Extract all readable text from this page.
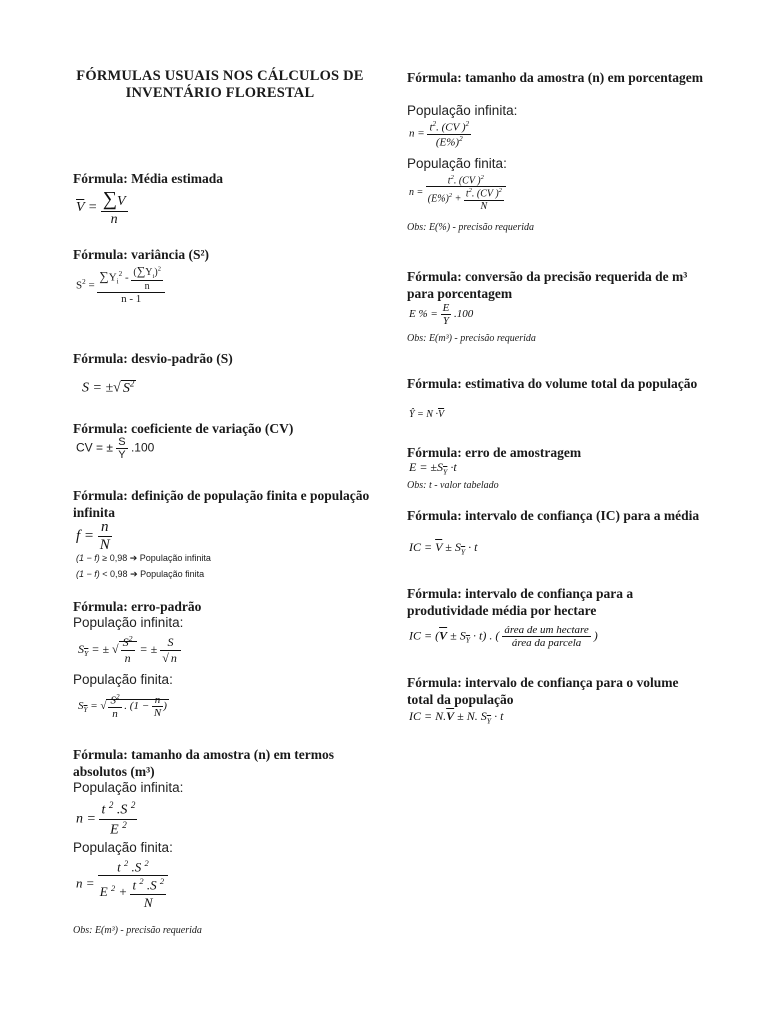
FÓRMULAS USUAIS NOS CÁLCULOS DE INVENTÁRIO FLORESTAL
Fórmula: Média estimada
$\overline{V} = \frac{\sum V}{n}$
Fórmula: variância (S²)
$S^2 = \frac{\sum Y_i^2 - \frac{(\sum Y_i)^2}{n}}{n - 1}$
Fórmula: desvio-padrão (S)
S = ±√ $S^2$
Fórmula: coeficiente de variação (CV)
CV = ± $\frac{S}{Y} .100$
Fórmula: definição de população finita e população infinita
$f = \frac{n}{N}$
(1 − f) ≥ 0,98 ➔ População infinita
(1 − f) < 0,98 ➔ População finita
Fórmula: erro-padrão
População infinita:
$S_{\overline{Y}}$ = ± √ $\frac{S^2}{n}$ = ± $\frac{S}{√ n}$
População finita:
$S_{\overline{Y}}$ = √ $\frac{S^2}{n}$ . ($1 - \frac{n}{N}$ )
Fórmula: tamanho da amostra (n) em termos absolutos (m³)
População infinita:
$n = \frac{t ^2 .S ^2}{E ^2}$
População finita:
$n = \frac{t ^2 .S ^2}{E ^2 + \frac{t ^2 .S ^2}{N}}$
Obs: E(m³) - precisão requerida
Fórmula: tamanho da amostra (n) em porcentagem
População infinita:
$n = \frac{t^2. (CV )^2}{(E\%)^2}$
População finita:
$n = \frac{t^2. (CV )^2}{(E\%)^2 + \frac{t^2. (CV )^2}{N}}$
Obs: E(%) - precisão requerida
Fórmula: conversão da precisão requerida de m³ para porcentagem
E % = $\frac{E}{Y} .100$
Obs: E(m³) - precisão requerida
Fórmula: estimativa do volume total da população
Ŷ = $N \cdot\overline{V}$
Fórmula: erro de amostragem
$E = \pm S_{\overline{Y}} \cdot t$
Obs: t - valor tabelado
Fórmula: intervalo de confiança (IC) para a média
IC = $\overline{V} \pm S_{\overline{Y}} \cdot t$
Fórmula: intervalo de confiança para a produtividade média por hectare
IC = $(\overline{V} \pm S_{\overline{Y}} \cdot t)$ . ( $\frac{\text{área de um hectare}}{\text{área da parcela}}$ )
Fórmula: intervalo de confiança para o volume total da população
IC = $N.\overline{V} \pm N$. $S_{\overline{Y}} \cdot t$
